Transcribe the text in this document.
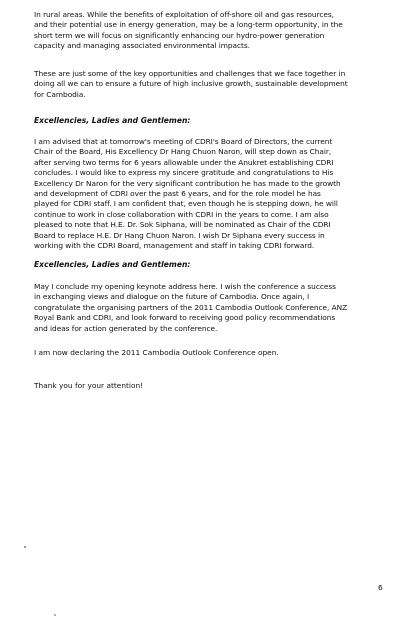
In rural areas. While the benefits of exploitation of off-shore oil and gas resources,
and their potential use in energy generation, may be a long-term opportunity, in the
short term we will focus on significantly enhancing our hydro-power generation
capacity and managing associated environmental impacts.
These are just some of the key opportunities and challenges that we face together in
doing all we can to ensure a future of high inclusive growth, sustainable development
for Cambodia.
Excellencies, Ladies and Gentlemen:
I am advised that at tomorrow's meeting of CDRI's Board of Directors, the current
Chair of the Board, His Excellency Dr Hang Chuon Naron, will step down as Chair,
after serving two terms for 6 years allowable under the Anukret establishing CDRI
concludes. I would like to express my sincere gratitude and congratulations to His
Excellency Dr Naron for the very significant contribution he has made to the growth
and development of CDRI over the past 6 years, and for the role model he has
played for CDRI staff. I am confident that, even though he is stepping down, he will
continue to work in close collaboration with CDRI in the years to come. I am also
pleased to note that H.E. Dr. Sok Siphana, will be nominated as Chair of the CDRI
Board to replace H.E. Dr Hang Chuon Naron. I wish Dr Siphana every success in
working with the CDRI Board, management and staff in taking CDRI forward.
Excellencies, Ladies and Gentlemen:
May I conclude my opening keynote address here. I wish the conference a success
in exchanging views and dialogue on the future of Cambodia. Once again, I
congratulate the organising partners of the 2011 Cambodia Outlook Conference, ANZ
Royal Bank and CDRI, and look forward to receiving good policy recommendations
and ideas for action generated by the conference.
I am now declaring the 2011 Cambodia Outlook Conference open.
Thank you for your attention!
6
